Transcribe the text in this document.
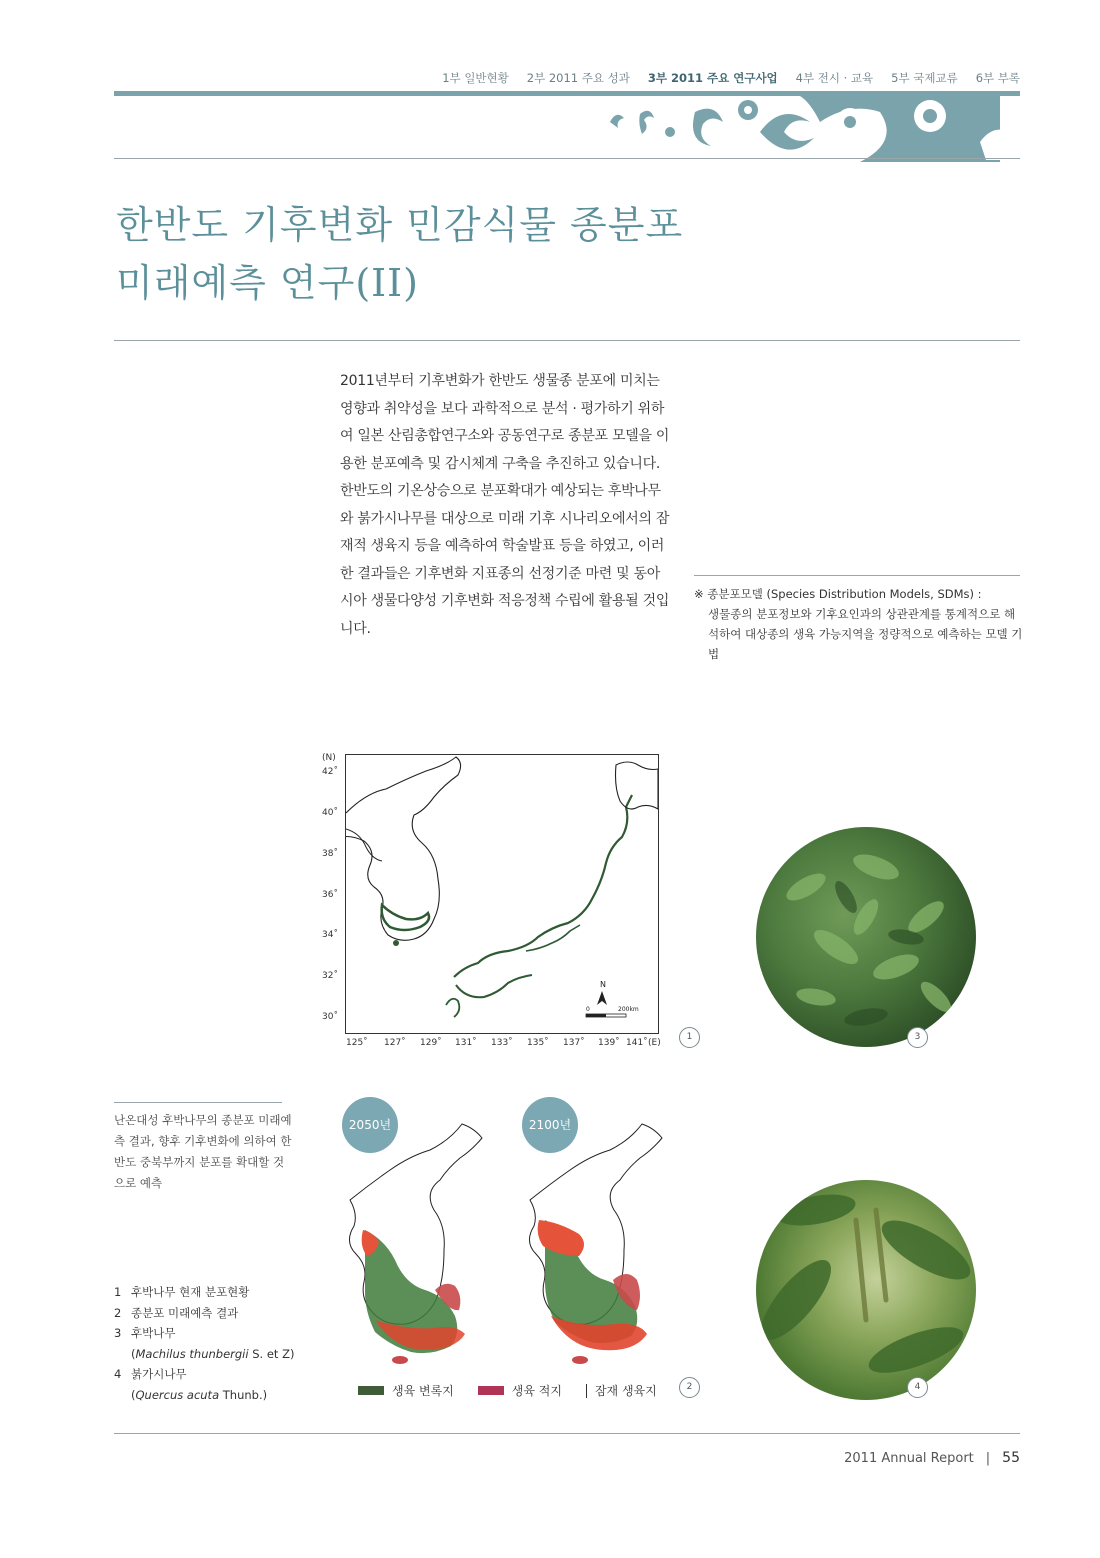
1부 일반현황 2부 2011 주요 성과 3부 2011 주요 연구사업 4부 전시 · 교육 5부 국제교류 6부 부록
한반도 기후변화 민감식물 종분포
미래예측 연구(II)
2011년부터 기후변화가 한반도 생물종 분포에 미치는 영향과 취약성을 보다 과학적으로 분석 · 평가하기 위하여 일본 산림총합연구소와 공동연구로 종분포 모델을 이용한 분포예측 및 감시체계 구축을 추진하고 있습니다. 한반도의 기온상승으로 분포확대가 예상되는 후박나무와 붉가시나무를 대상으로 미래 기후 시나리오에서의 잠재적 생육지 등을 예측하여 학술발표 등을 하였고, 이러한 결과들은 기후변화 지표종의 선정기준 마련 및 동아시아 생물다양성 기후변화 적응정책 수립에 활용될 것입니다.
※ 종분포모델 (Species Distribution Models, SDMs) :
생물종의 분포정보와 기후요인과의 상관관계를 통계적으로 해석하여 대상종의 생육 가능지역을 정량적으로 예측하는 모델 기법
(N)
42˚
40˚
38˚
36˚
34˚
32˚
30˚
N
0	200km
125˚ 127˚ 129˚ 131˚ 133˚ 135˚ 137˚ 139˚ 141˚ (E)
1	3
난온대성 후박나무의 종분포 미래예측 결과, 향후 기후변화에 의하여 한반도 중북부까지 분포를 확대할 것으로 예측
2050년	2100년
2	4
생육 변록지	생육 적지	잠재 생육지
1 후박나무 현재 분포현황
2 종분포 미래예측 결과
3 후박나무
(Machilus thunbergii S. et Z)
4 붉가시나무
(Quercus acuta Thunb.)
2011 Annual Report | 55
